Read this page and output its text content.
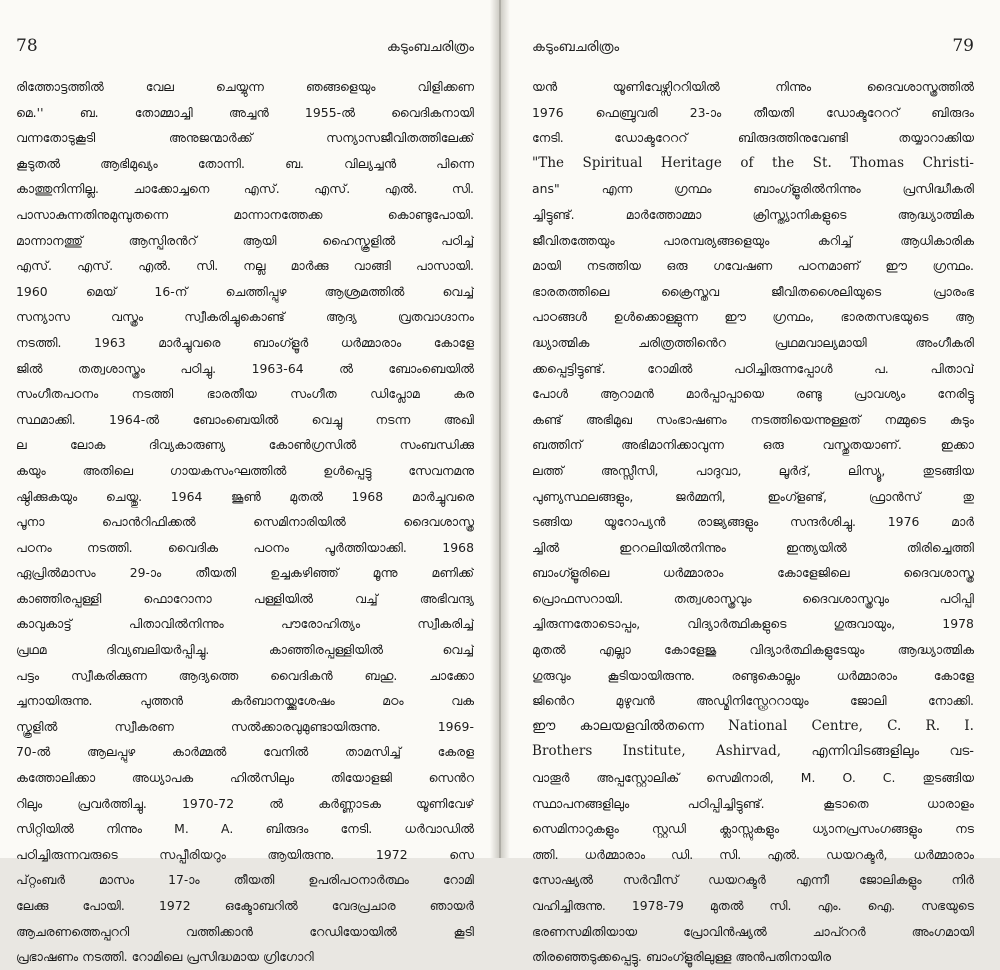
78	കടുംബചരിത്രം
രിത്തോട്ടത്തിൽ വേല ചെയ്യുന്ന ഞങ്ങളെയും വിളിക്കണ
മെ.'' ബ. തോമ്മാച്ചി അച്ചൻ 1955-ൽ വൈദികനായി
വന്നതോടുകൂടി അനുജന്മാർക്ക് സന്യാസജീവിതത്തിലേക്ക്
കൂടുതൽ ആഭിമുഖ്യം തോന്നി. ബ. വില്യച്ചൻ പിന്നെ
കാത്തുനിന്നില്ല. ചാക്കോച്ചനെ എസ്. എസ്. എൽ. സി.
പാസാകുന്നതിനുമുമ്പുതന്നെ മാന്നാനത്തേക്ക കൊണ്ടുപോയി.
മാന്നാനത്തു് ആസ്പിരൻറ് ആയി ഹൈസ്കൂളിൽ പഠിച്ച്
എസ്. എസ്. എൽ. സി. നല്ല മാർക്കു വാങ്ങി പാസായി.
1960 മെയ് 16-ന് ചെത്തിപ്പുഴ ആശ്രമത്തിൽ വെച്ച്
സന്യാസ വസ്ത്രം സ്വീകരിച്ചുകൊണ്ട് ആദ്യ വ്രതവാഗ്ദാനം
നടത്തി. 1963 മാർച്ചുവരെ ബാംഗ്ളൂർ ധർമ്മാരാം കോളേ
ജിൽ തത്വശാസ്ത്രം പഠിച്ചു. 1963-64 ൽ ബോംബെയിൽ
സംഗീതപഠനം നടത്തി ഭാരതീയ സംഗീത ഡിപ്ലോമ കര
സ്ഥമാക്കി. 1964-ൽ ബോംബെയിൽ വെച്ചു നടന്ന അഖി
ല ലോക ദിവ്യകാരുണ്യ കോൺഗ്രസിൽ സംബന്ധിക്കു
കയും അതിലെ ഗായകസംഘത്തിൽ ഉൾപ്പെട്ടു സേവനമനു
ഷ്ഠിക്കുകയും ചെയ്തു. 1964 ജൂൺ മുതൽ 1968 മാർച്ചുവരെ
പൂനാ പൊൻറിഫിക്കൽ സെമിനാരിയിൽ ദൈവശാസ്ത്ര
പഠനം നടത്തി. വൈദിക പഠനം പൂർത്തിയാക്കി. 1968
ഏപ്രിൽമാസം 29-ാം തീയതി ഉച്ചകഴിഞ്ഞ് മൂന്നു മണിക്ക്
കാഞ്ഞിരപ്പള്ളി ഫൊറോനാ പള്ളിയിൽ വച്ച് അഭിവന്ദ്യ
കാവുകാട്ട് പിതാവിൽനിന്നും പൗരോഹിത്യം സ്വീകരിച്ച്
പ്രഥമ ദിവ്യബലിയർപ്പിച്ചു. കാഞ്ഞിരപ്പള്ളിയിൽ വെച്ച്
പട്ടം സ്വീകരിക്കുന്ന ആദ്യത്തെ വൈദികൻ ബഹു. ചാക്കോ
ച്ചനായിരുന്നു. പുത്തൻ കർബാനയ്ക്കുശേഷം മഠം വക
സ്കൂളിൽ സ്വീകരണ സൽക്കാരവുമുണ്ടായിരുന്നു. 1969-
70-ൽ ആലപ്പുഴ കാർമ്മൽ വേനിൽ താമസിച്ച് കേരള
കത്തോലിക്കാ അധ്യാപക ഹിൽസിലും തിയോളജി സെൻറ
റിലും പ്രവർത്തിച്ചു. 1970-72 ൽ കർണ്ണാടക യൂണിവേഴ്
സിറ്റിയിൽ നിന്നും M. A. ബിരുദം നേടി. ധർവാഡിൽ
പഠിച്ചിരുന്നവരുടെ സപ്പീരിയറും ആയിരുന്നു. 1972 സെ
പ്റ്റംബർ മാസം 17-ാം തീയതി ഉപരിപഠനാർത്ഥം റോമി
ലേക്കു പോയി. 1972 ഒക്ടോബറിൽ വേദപ്രചാര ഞായർ
ആചരണത്തെപ്പററി വത്തിക്കാൻ റേഡിയോയിൽ കൂടി
പ്രഭാഷണം നടത്തി. റോമിലെ പ്രസിദ്ധമായ ഗ്രിഗോറി
കടുംബചരിത്രം	79
യൻ യൂണിവേഴ്സിററിയിൽ നിന്നും ദൈവശാസ്ത്രത്തിൽ
1976 ഫെബ്രുവരി 23-ാം തീയതി ഡോക്ടറേററ് ബിരുദം
നേടി. ഡോക്ടറേററ് ബിരുദത്തിനുവേണ്ടി തയ്യാറാക്കിയ
"The Spiritual Heritage of the St. Thomas Christi-
ans" എന്ന ഗ്രന്ഥം ബാംഗ്ളൂരിൽനിന്നും പ്രസിദ്ധീകരി
ച്ചിട്ടുണ്ട്. മാർത്തോമ്മാ ക്രിസ്ത്യാനികളുടെ ആദ്ധ്യാത്മിക
ജീവിതത്തേയും പാരമ്പര്യങ്ങളെയും കറിച്ച് ആധികാരിക
മായി നടത്തിയ ഒരു ഗവേഷണ പഠനമാണ് ഈ ഗ്രന്ഥം.
ഭാരതത്തിലെ ക്രൈസ്തവ ജീവിതശൈലിയുടെ പ്രാരംഭ
പാഠങ്ങൾ ഉൾക്കൊള്ളുന്ന ഈ ഗ്രന്ഥം, ഭാരതസഭയുടെ ആ
ദ്ധ്യാത്മിക ചരിത്രത്തിൻെറ പ്രഥമവാല്യമായി അംഗീകരി
ക്കപ്പെട്ടിട്ടുണ്ട്. റോമിൽ പഠിച്ചിരുന്നപ്പോൾ പ. പിതാവ്
പോൾ ആറാമൻ മാർപ്പാപ്പായെ രണ്ടു പ്രാവശ്യം നേരിട്ടു
കണ്ട് അഭിമുഖ സംഭാഷണം നടത്തിയെന്നുള്ളത് നമ്മുടെ കുടും
ബത്തിന് അഭിമാനിക്കാവുന്ന ഒരു വസ്തുതയാണ്. ഇക്കാ
ലത്ത് അസ്സീസി, പാദുവാ, ലൂർദ്, ലിസ്യൂ, തുടങ്ങിയ
പുണ്യസ്ഥലങ്ങളും, ജർമ്മനി, ഇംഗ്ളണ്ട്, ഫ്രാൻസ് തു
ടങ്ങിയ യൂറോപ്യൻ രാജ്യങ്ങളും സന്ദർശിച്ചു. 1976 മാർ
ച്ചിൽ ഇററലിയിൽനിന്നും ഇന്ത്യയിൽ തിരിച്ചെത്തി
ബാംഗ്ളൂരിലെ ധർമ്മാരാം കോളേജിലെ ദൈവശാസ്ത്ര
പ്രൊഫസറായി. തത്വശാസ്ത്രവും ദൈവശാസ്ത്രവും പഠിപ്പി
ച്ചിരുന്നതോടൊപ്പം, വിദ്യാർത്ഥികളുടെ ഗുരുവായും, 1978
മുതൽ എല്ലാ കോളേജു വിദ്യാർത്ഥികളുടേയും ആദ്ധ്യാത്മിക
ഗുരുവും കൂടിയായിരുന്നു. രണ്ടുകൊല്ലം ധർമ്മാരാം കോളേ
ജിൻെറ മുഴുവൻ അഡ്മിനിസ്റ്റ്രേററായും ജോലി നോക്കി.
ഈ കാലയളവിൽതന്നെ National Centre, C. R. I.
Brothers Institute, Ashirvad, എന്നിവിടങ്ങളിലും വട-
വാതൂർ അപ്പസ്റ്റോലിക് സെമിനാരി, M. O. C. തുടങ്ങിയ
സ്ഥാപനങ്ങളിലും പഠിപ്പിച്ചിട്ടുണ്ട്. കൂടാതെ ധാരാളം
സെമിനാറുകളും സ്റ്റഡി ക്ലാസ്സുകളും ധ്യാനപ്രസംഗങ്ങളും നട
ത്തി. ധർമ്മാരാം ഡി. സി. എൽ. ഡയറക്ടർ, ധർമ്മാരാം
സോഷ്യൽ സർവീസ് ഡയറക്ടർ എന്നീ ജോലികളും നിർ
വഹിച്ചിരുന്നു. 1978-79 മുതൽ സി. എം. ഐ. സഭയുടെ
ഭരണസമിതിയായ പ്രോവിൻഷ്യൽ ചാപ്ററർ അംഗമായി
തിരഞ്ഞെടുക്കപ്പെട്ടു. ബാംഗ്ളൂരിലുള്ള അൻപതിനായിര
